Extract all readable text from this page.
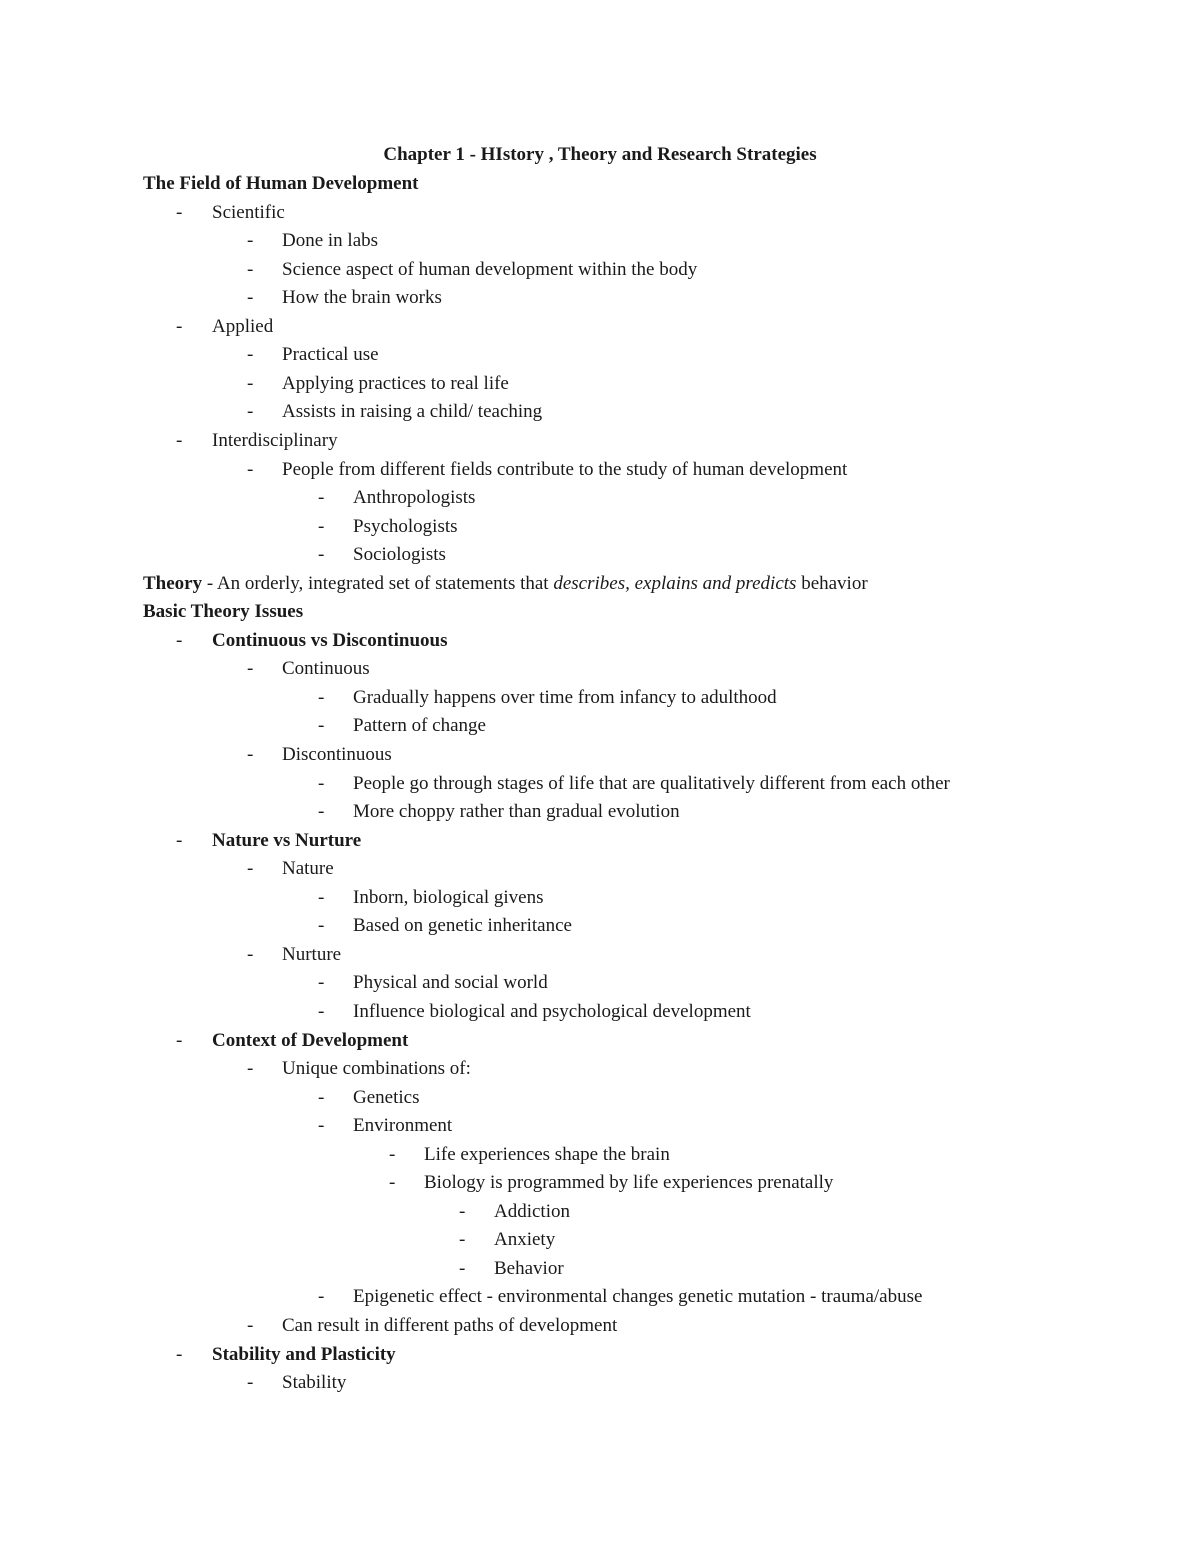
Chapter 1 - HIstory , Theory and Research Strategies
The Field of Human Development
- Scientific
- Done in labs
- Science aspect of human development within the body
- How the brain works
- Applied
- Practical use
- Applying practices to real life
- Assists in raising a child/ teaching
- Interdisciplinary
- People from different fields contribute to the study of human development
- Anthropologists
- Psychologists
- Sociologists
Theory - An orderly, integrated set of statements that describes, explains and predicts behavior
Basic Theory Issues
- Continuous vs Discontinuous
- Continuous
- Gradually happens over time from infancy to adulthood
- Pattern of change
- Discontinuous
- People go through stages of life that are qualitatively different from each other
- More choppy rather than gradual evolution
- Nature vs Nurture
- Nature
- Inborn, biological givens
- Based on genetic inheritance
- Nurture
- Physical and social world
- Influence biological and psychological development
- Context of Development
- Unique combinations of:
- Genetics
- Environment
- Life experiences shape the brain
- Biology is programmed by life experiences prenatally
- Addiction
- Anxiety
- Behavior
- Epigenetic effect - environmental changes genetic mutation - trauma/abuse
- Can result in different paths of development
- Stability and Plasticity
- Stability
